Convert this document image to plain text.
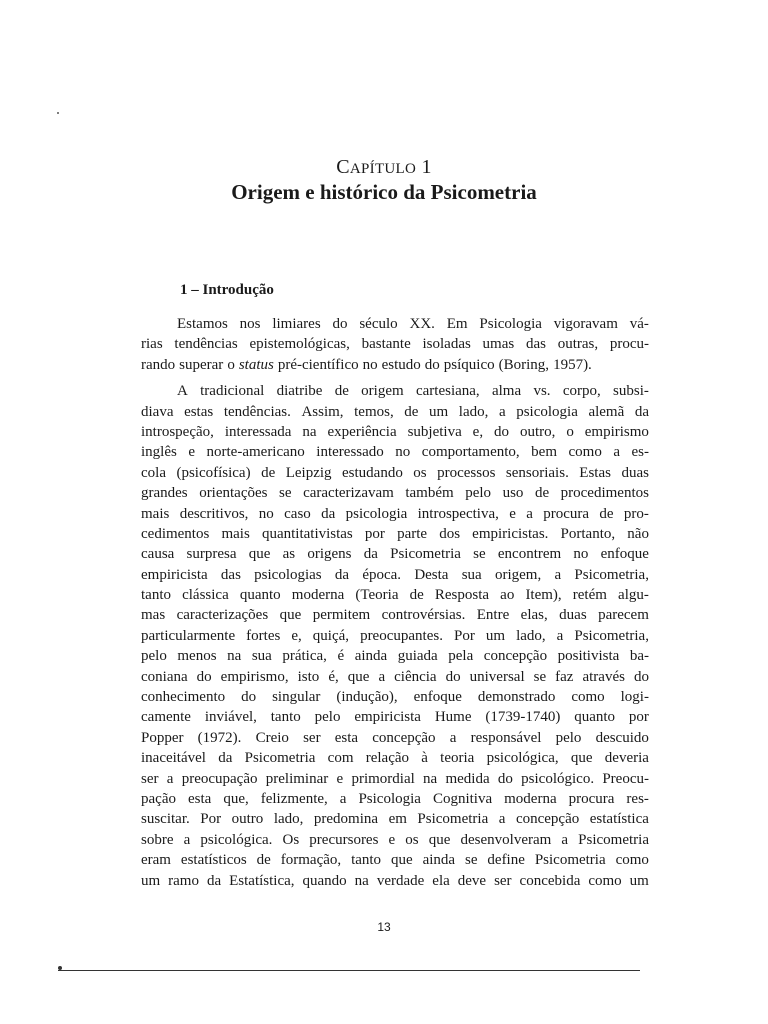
CAPÍTULO 1
Origem e histórico da Psicometria
1 – Introdução
Estamos nos limiares do século XX. Em Psicologia vigoravam vá-
rias tendências epistemológicas, bastante isoladas umas das outras, procu-
rando superar o status pré-científico no estudo do psíquico (Boring, 1957).
A tradicional diatribe de origem cartesiana, alma vs. corpo, subsi-
diava estas tendências. Assim, temos, de um lado, a psicologia alemã da
introspeção, interessada na experiência subjetiva e, do outro, o empirismo
inglês e norte-americano interessado no comportamento, bem como a es-
cola (psicofísica) de Leipzig estudando os processos sensoriais. Estas duas
grandes orientações se caracterizavam também pelo uso de procedimentos
mais descritivos, no caso da psicologia introspectiva, e a procura de pro-
cedimentos mais quantitativistas por parte dos empiricistas. Portanto, não
causa surpresa que as origens da Psicometria se encontrem no enfoque
empiricista das psicologias da época. Desta sua origem, a Psicometria,
tanto clássica quanto moderna (Teoria de Resposta ao Item), retém algu-
mas caracterizações que permitem controvérsias. Entre elas, duas parecem
particularmente fortes e, quiçá, preocupantes. Por um lado, a Psicometria,
pelo menos na sua prática, é ainda guiada pela concepção positivista ba-
coniana do empirismo, isto é, que a ciência do universal se faz através do
conhecimento do singular (indução), enfoque demonstrado como logi-
camente inviável, tanto pelo empiricista Hume (1739-1740) quanto por
Popper (1972). Creio ser esta concepção a responsável pelo descuido
inaceitável da Psicometria com relação à teoria psicológica, que deveria
ser a preocupação preliminar e primordial na medida do psicológico. Preocu-
pação esta que, felizmente, a Psicologia Cognitiva moderna procura res-
suscitar. Por outro lado, predomina em Psicometria a concepção estatística
sobre a psicológica. Os precursores e os que desenvolveram a Psicometria
eram estatísticos de formação, tanto que ainda se define Psicometria como
um ramo da Estatística, quando na verdade ela deve ser concebida como um
13
